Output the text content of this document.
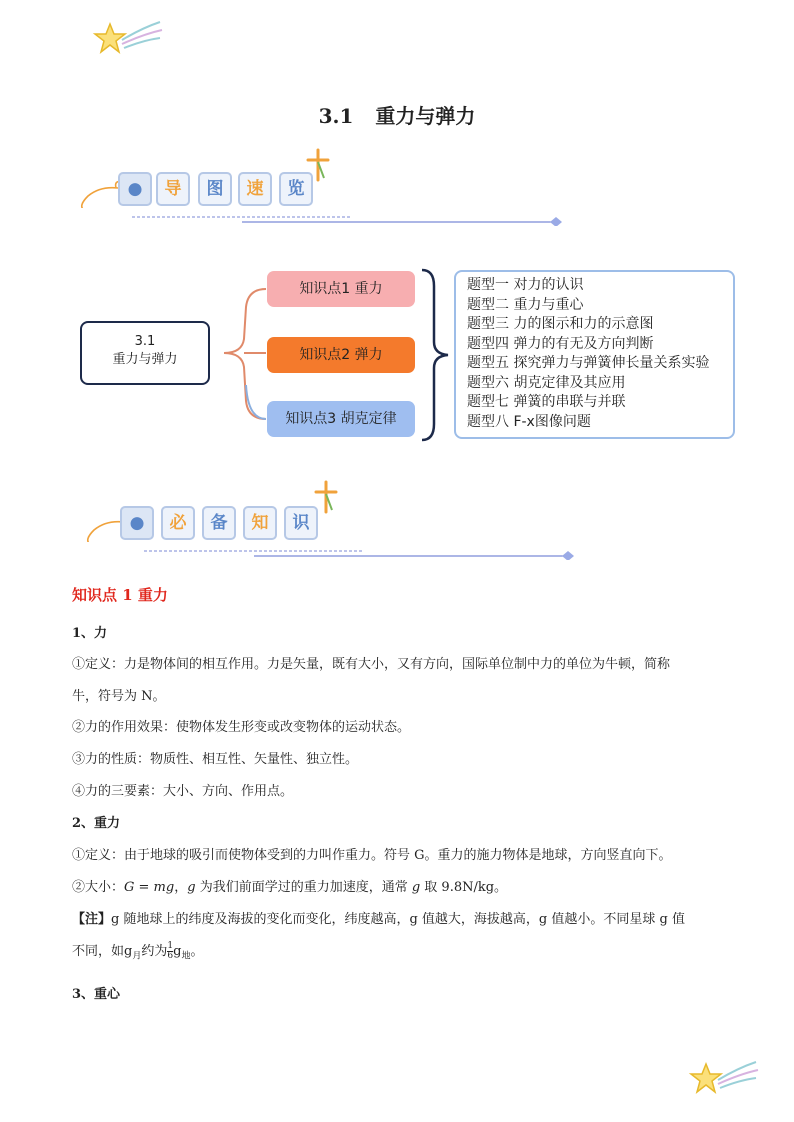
3.1 重力与弹力
●	导	图	速	览
3.1
重力与弹力
知识点1 重力
知识点2 弹力
知识点3 胡克定律
题型一 对力的认识
题型二 重力与重心
题型三 力的图示和力的示意图
题型四 弹力的有无及方向判断
题型五 探究弹力与弹簧伸长量关系实验
题型六 胡克定律及其应用
题型七 弹簧的串联与并联
题型八 F-x图像问题
●	必	备	知	识
知识点 1 重力
1、力
①定义：力是物体间的相互作用。力是矢量，既有大小，又有方向，国际单位制中力的单位为牛顿，简称
牛，符号为 N。
②力的作用效果：使物体发生形变或改变物体的运动状态。
③力的性质：物质性、相互性、矢量性、独立性。
④力的三要素：大小、方向、作用点。
2、重力
①定义：由于地球的吸引而使物体受到的力叫作重力。符号 G。重力的施力物体是地球，方向竖直向下。
②大小：G = mg，g 为我们前面学过的重力加速度，通常 g 取 9.8N/kg。
【注】g 随地球上的纬度及海拔的变化而变化，纬度越高，g 值越大，海拔越高，g 值越小。不同星球 g 值
不同，如$g_月$约为 $\frac{1}{6} g_地$。
3、重心
